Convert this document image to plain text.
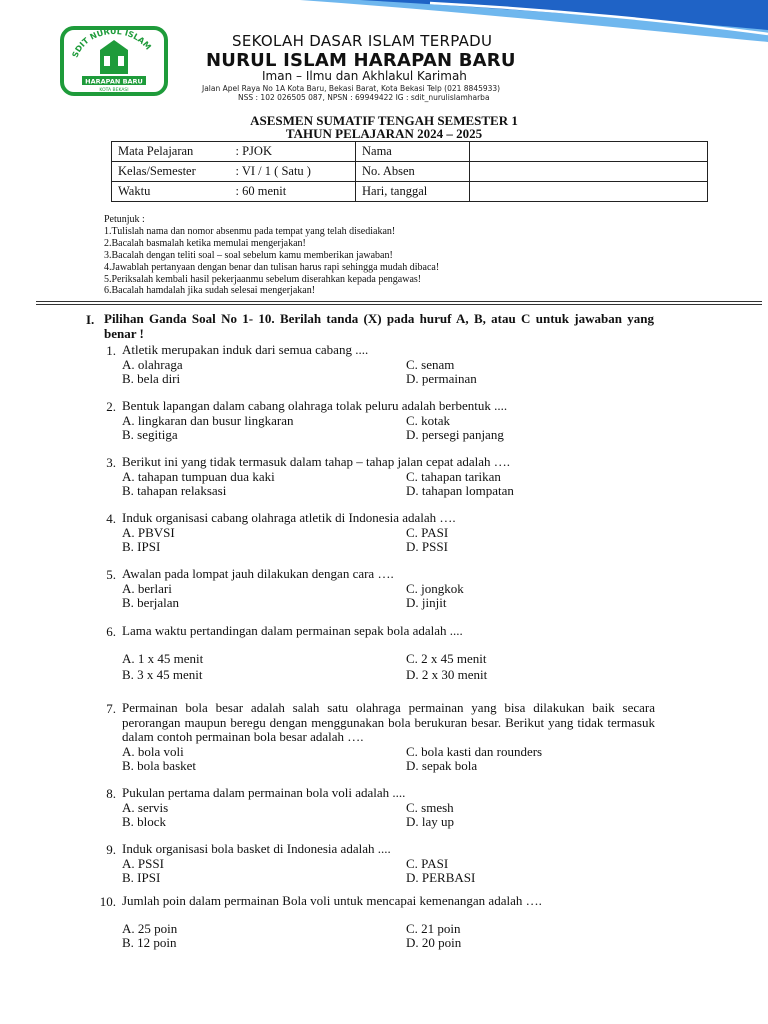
SDIT NURUL ISLAM
HARAPAN BARU
KOTA BEKASI
SEKOLAH DASAR ISLAM TERPADU
NURUL ISLAM HARAPAN BARU
Iman – Ilmu dan Akhlakul Karimah
Jalan Apel Raya No 1A Kota Baru, Bekasi Barat, Kota Bekasi Telp (021 8845933)
NSS : 102 026505 087, NPSN : 69949422 IG : sdit_nurulislamharba
ASESMEN SUMATIF TENGAH SEMESTER 1
TAHUN PELAJARAN 2024 – 2025
Mata Pelajaran	: PJOK	Nama	
Kelas/Semester	: VI / 1 ( Satu )	No. Absen	
Waktu	: 60 menit	Hari, tanggal	
Petunjuk :
1.Tulislah nama dan nomor absenmu pada tempat yang telah disediakan!
2.Bacalah basmalah ketika memulai mengerjakan!
3.Bacalah dengan teliti soal – soal sebelum kamu memberikan jawaban!
4.Jawablah pertanyaan dengan benar dan tulisan harus rapi sehingga mudah dibaca!
5.Periksalah kembali hasil pekerjaanmu sebelum diserahkan kepada pengawas!
6.Bacalah hamdalah jika sudah selesai mengerjakan!
I. Pilihan Ganda Soal No 1- 10. Berilah tanda (X) pada huruf A, B, atau C untuk jawaban yang benar !
1. Atletik merupakan induk dari semua cabang ....
A. olahraga	C. senam
B. bela diri	D. permainan
2. Bentuk lapangan dalam cabang olahraga tolak peluru adalah berbentuk ....
A. lingkaran dan busur lingkaran	C. kotak
B. segitiga	D. persegi panjang
3. Berikut ini yang tidak termasuk dalam tahap – tahap jalan cepat adalah ….
A. tahapan tumpuan dua kaki	C. tahapan tarikan
B. tahapan relaksasi	D. tahapan lompatan
4. Induk organisasi cabang olahraga atletik di Indonesia adalah ….
A. PBVSI	C. PASI
B. IPSI	D. PSSI
5. Awalan pada lompat jauh dilakukan dengan cara ….
A. berlari	C. jongkok
B. berjalan	D. jinjit
6. Lama waktu pertandingan dalam permainan sepak bola adalah ....
A. 1 x 45 menit	C. 2 x 45 menit
B. 3 x 45 menit	D. 2 x 30 menit
7. Permainan bola besar adalah salah satu olahraga permainan yang bisa dilakukan baik secara perorangan maupun beregu dengan menggunakan bola berukuran besar. Berikut yang tidak termasuk dalam contoh permainan bola besar adalah ….
A. bola voli	C. bola kasti dan rounders
B. bola basket	D. sepak bola
8. Pukulan pertama dalam permainan bola voli adalah ....
A. servis	C. smesh
B. block	D. lay up
9. Induk organisasi bola basket di Indonesia adalah ....
A. PSSI	C. PASI
B. IPSI	D. PERBASI
10. Jumlah poin dalam permainan Bola voli untuk mencapai kemenangan adalah ….
A. 25 poin	C. 21 poin
B. 12 poin	D. 20 poin
